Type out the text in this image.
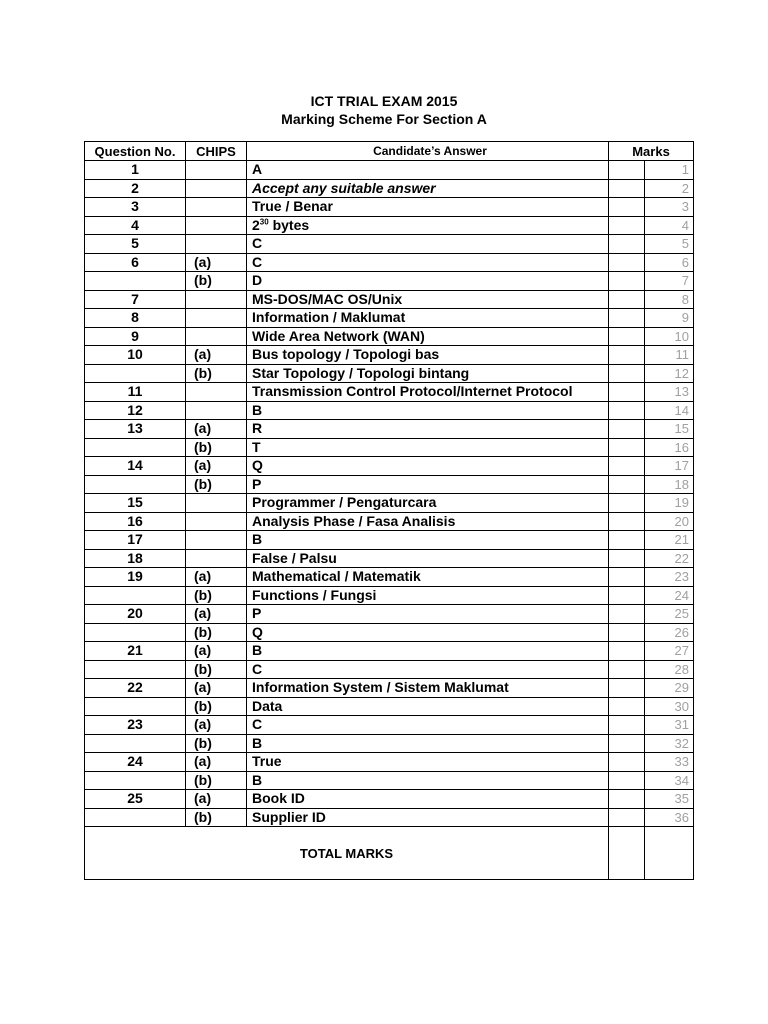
ICT TRIAL EXAM 2015
Marking Scheme For Section A
Question No.	CHIPS	Candidate’s Answer	Marks	
1		A		1
2		Accept any suitable answer		2
3		True / Benar		3
4		$2^{30}$ bytes		4
5		C		5
6	(a)	C		6
	(b)	D		7
7		MS-DOS/MAC OS/Unix		8
8		Information / Maklumat		9
9		Wide Area Network (WAN)		10
10	(a)	Bus topology / Topologi bas		11
	(b)	Star Topology / Topologi bintang		12
11		Transmission Control Protocol/Internet Protocol		13
12		B		14
13	(a)	R		15
	(b)	T		16
14	(a)	Q		17
	(b)	P		18
15		Programmer / Pengaturcara		19
16		Analysis Phase / Fasa Analisis		20
17		B		21
18		False / Palsu		22
19	(a)	Mathematical / Matematik		23
	(b)	Functions / Fungsi		24
20	(a)	P		25
	(b)	Q		26
21	(a)	B		27
	(b)	C		28
22	(a)	Information System / Sistem Maklumat		29
	(b)	Data		30
23	(a)	C		31
	(b)	B		32
24	(a)	True		33
	(b)	B		34
25	(a)	Book ID		35
	(b)	Supplier ID		36
TOTAL MARKS				
